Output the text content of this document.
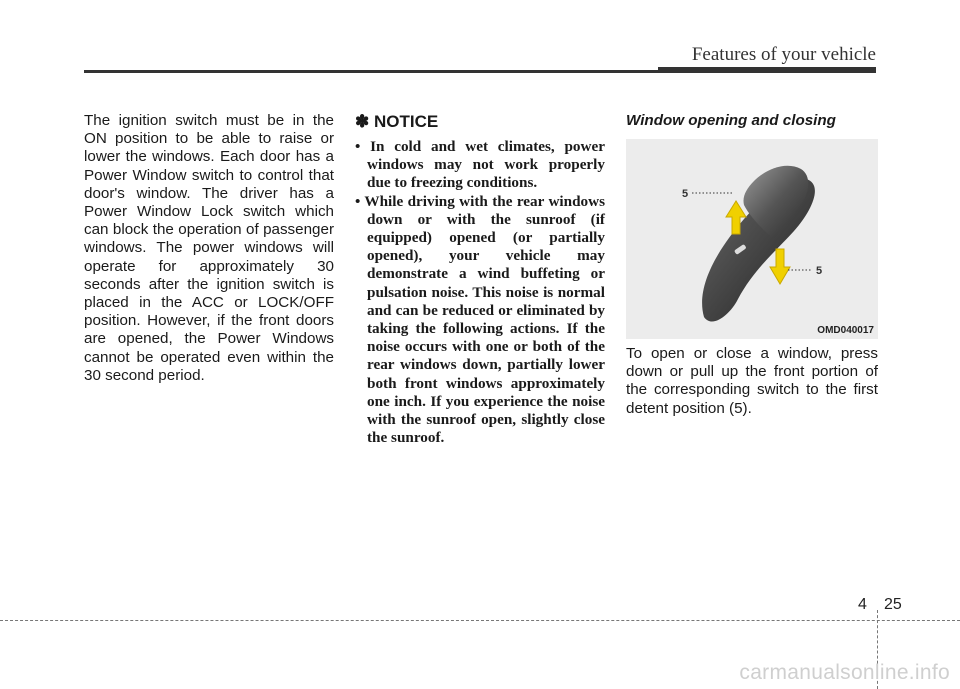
Features of your vehicle

The ignition switch must be in the ON position to be able to raise or lower the windows. Each door has a Power Window switch to control that door's window. The driver has a Power Window Lock switch which can block the operation of passenger windows. The power windows will operate for approximately 30 seconds after the ignition switch is placed in the ACC or LOCK/OFF position. However, if the front doors are opened, the Power Windows cannot be operated even within the 30 second period.

✽ NOTICE
• In cold and wet climates, power windows may not work properly due to freezing conditions.
• While driving with the rear windows down or with the sunroof (if equipped) opened (or partially opened), your vehicle may demonstrate a wind buffeting or pulsation noise. This noise is normal and can be reduced or eliminated by taking the following actions. If the noise occurs with one or both of the rear windows down, partially lower both front windows approximately one inch. If you experience the noise with the sunroof open, slightly close the sunroof.
Window opening and closing
5
5
OMD040017

To open or close a window, press down or pull up the front portion of the corresponding switch to the first detent position (5).

4 25
carmanualsonline.info
